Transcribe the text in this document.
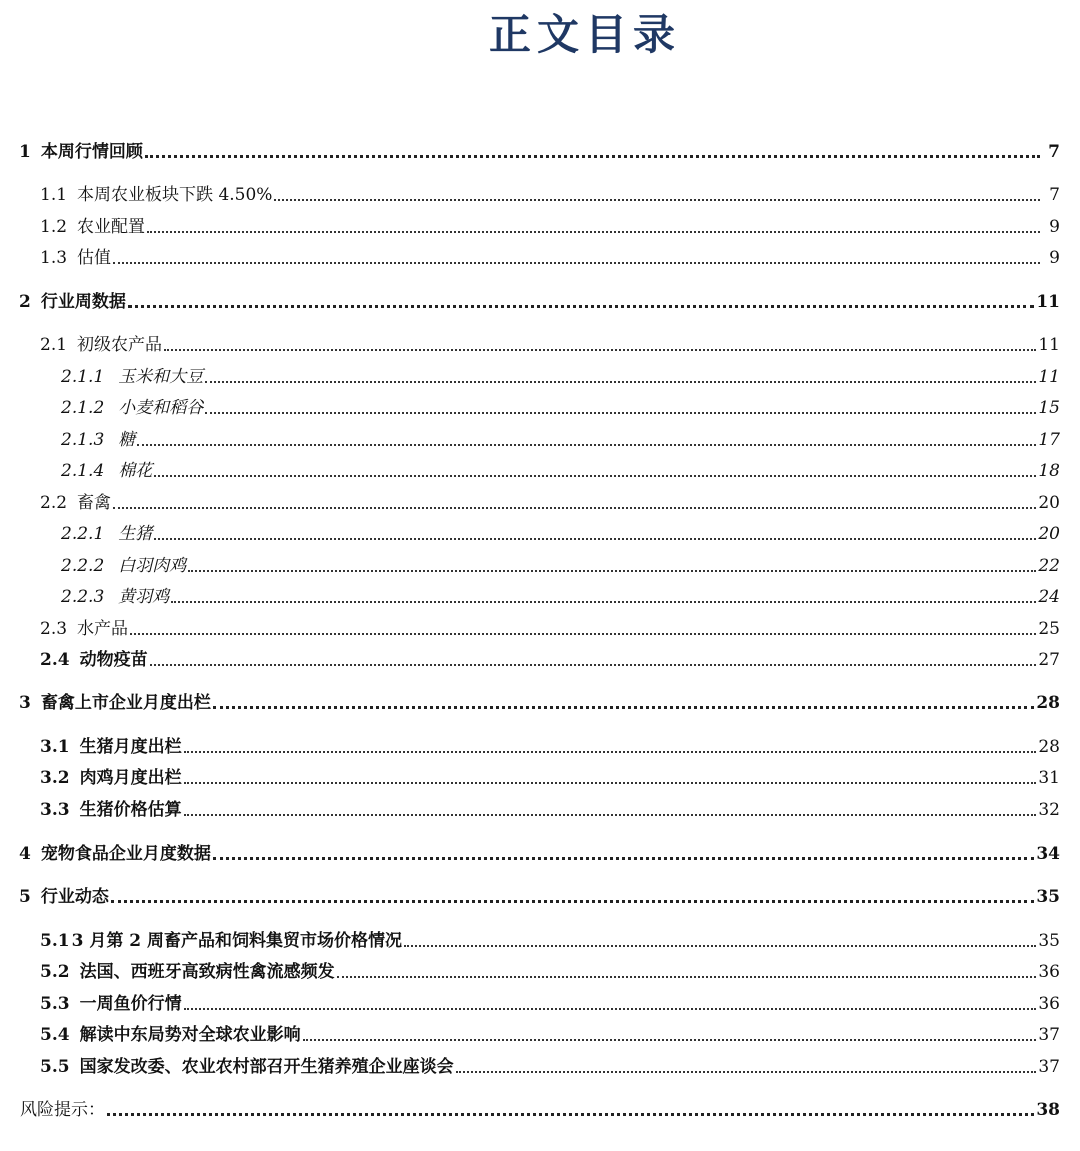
正文目录
1 本周行情回顾	7
1.1 本周农业板块下跌 4.50%	7
1.2 农业配置	9
1.3 估值	9
2 行业周数据	11
2.1 初级农产品	11
2.1.1 玉米和大豆	11
2.1.2 小麦和稻谷	15
2.1.3 糖	17
2.1.4 棉花	18
2.2 畜禽	20
2.2.1 生猪	20
2.2.2 白羽肉鸡	22
2.2.3 黄羽鸡	24
2.3 水产品	25
2.4 动物疫苗	27
3 畜禽上市企业月度出栏	28
3.1 生猪月度出栏	28
3.2 肉鸡月度出栏	31
3.3 生猪价格估算	32
4 宠物食品企业月度数据	34
5 行业动态	35
5.1 3 月第 2 周畜产品和饲料集贸市场价格情况	35
5.2 法国、西班牙高致病性禽流感频发	36
5.3 一周鱼价行情	36
5.4 解读中东局势对全球农业影响	37
5.5 国家发改委、农业农村部召开生猪养殖企业座谈会	37
风险提示：	38
